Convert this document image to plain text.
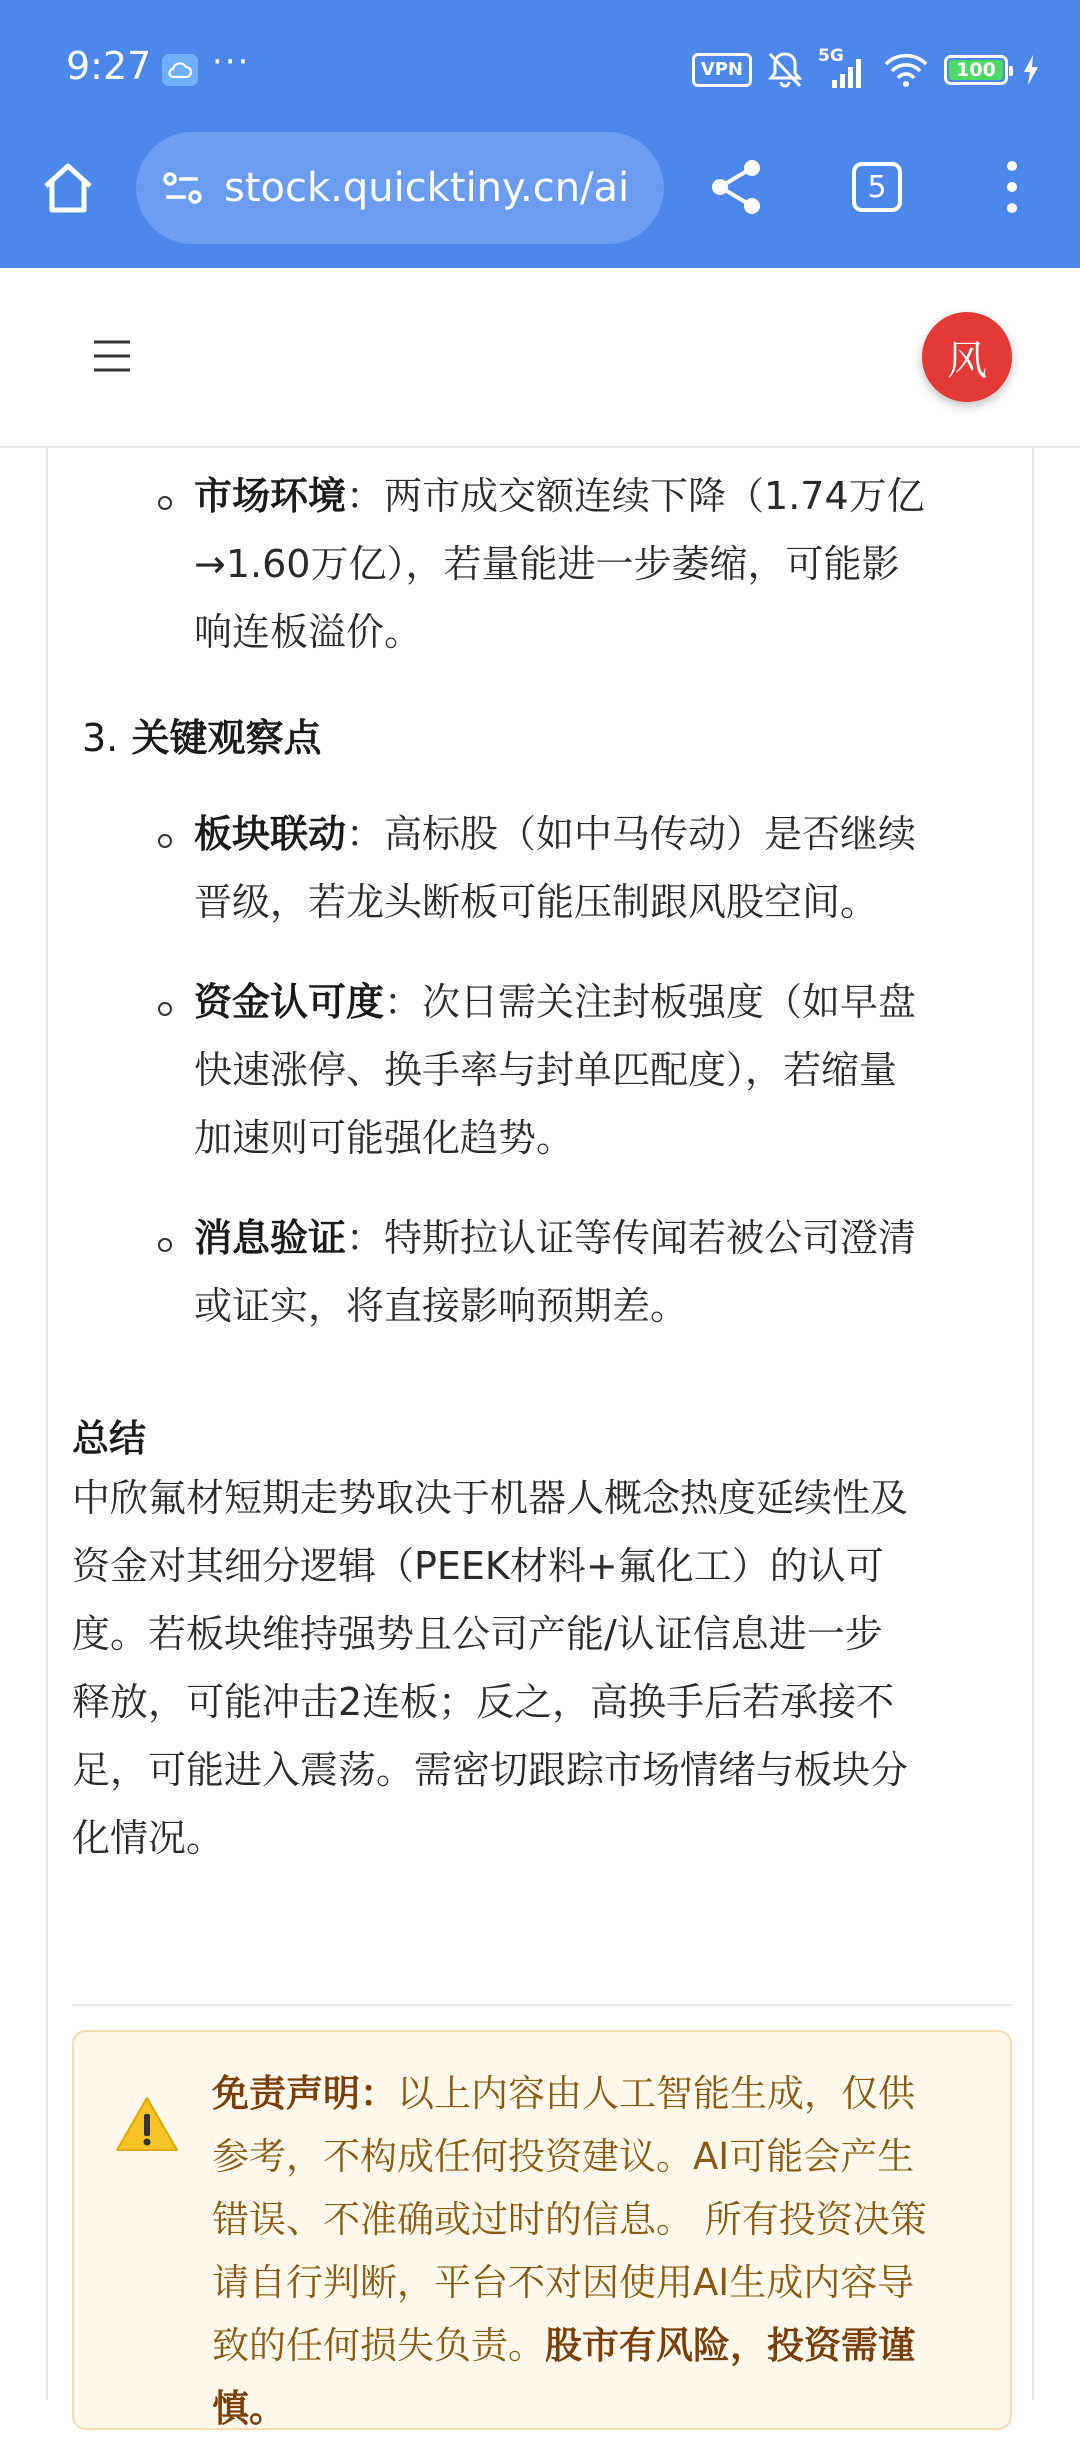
9:27 ···	VPN
5G
100
stock.quicktiny.cn/ai	5
风
市场环境：两市成交额连续下降（1.74万亿
→1.60万亿），若量能进一步萎缩，可能影
响连板溢价。
3. 关键观察点
板块联动：高标股（如中马传动）是否继续
晋级，若龙头断板可能压制跟风股空间。
资金认可度：次日需关注封板强度（如早盘
快速涨停、换手率与封单匹配度），若缩量
加速则可能强化趋势。
消息验证：特斯拉认证等传闻若被公司澄清
或证实，将直接影响预期差。
总结
中欣氟材短期走势取决于机器人概念热度延续性及
资金对其细分逻辑（PEEK材料+氟化工）的认可
度。若板块维持强势且公司产能/认证信息进一步
释放，可能冲击2连板；反之，高换手后若承接不
足，可能进入震荡。需密切跟踪市场情绪与板块分
化情况。
免责声明：以上内容由人工智能生成，仅供
参考，不构成任何投资建议。AI可能会产生
错误、不准确或过时的信息。 所有投资决策
请自行判断，平台不对因使用AI生成内容导
致的任何损失负责。股市有风险，投资需谨
慎。
